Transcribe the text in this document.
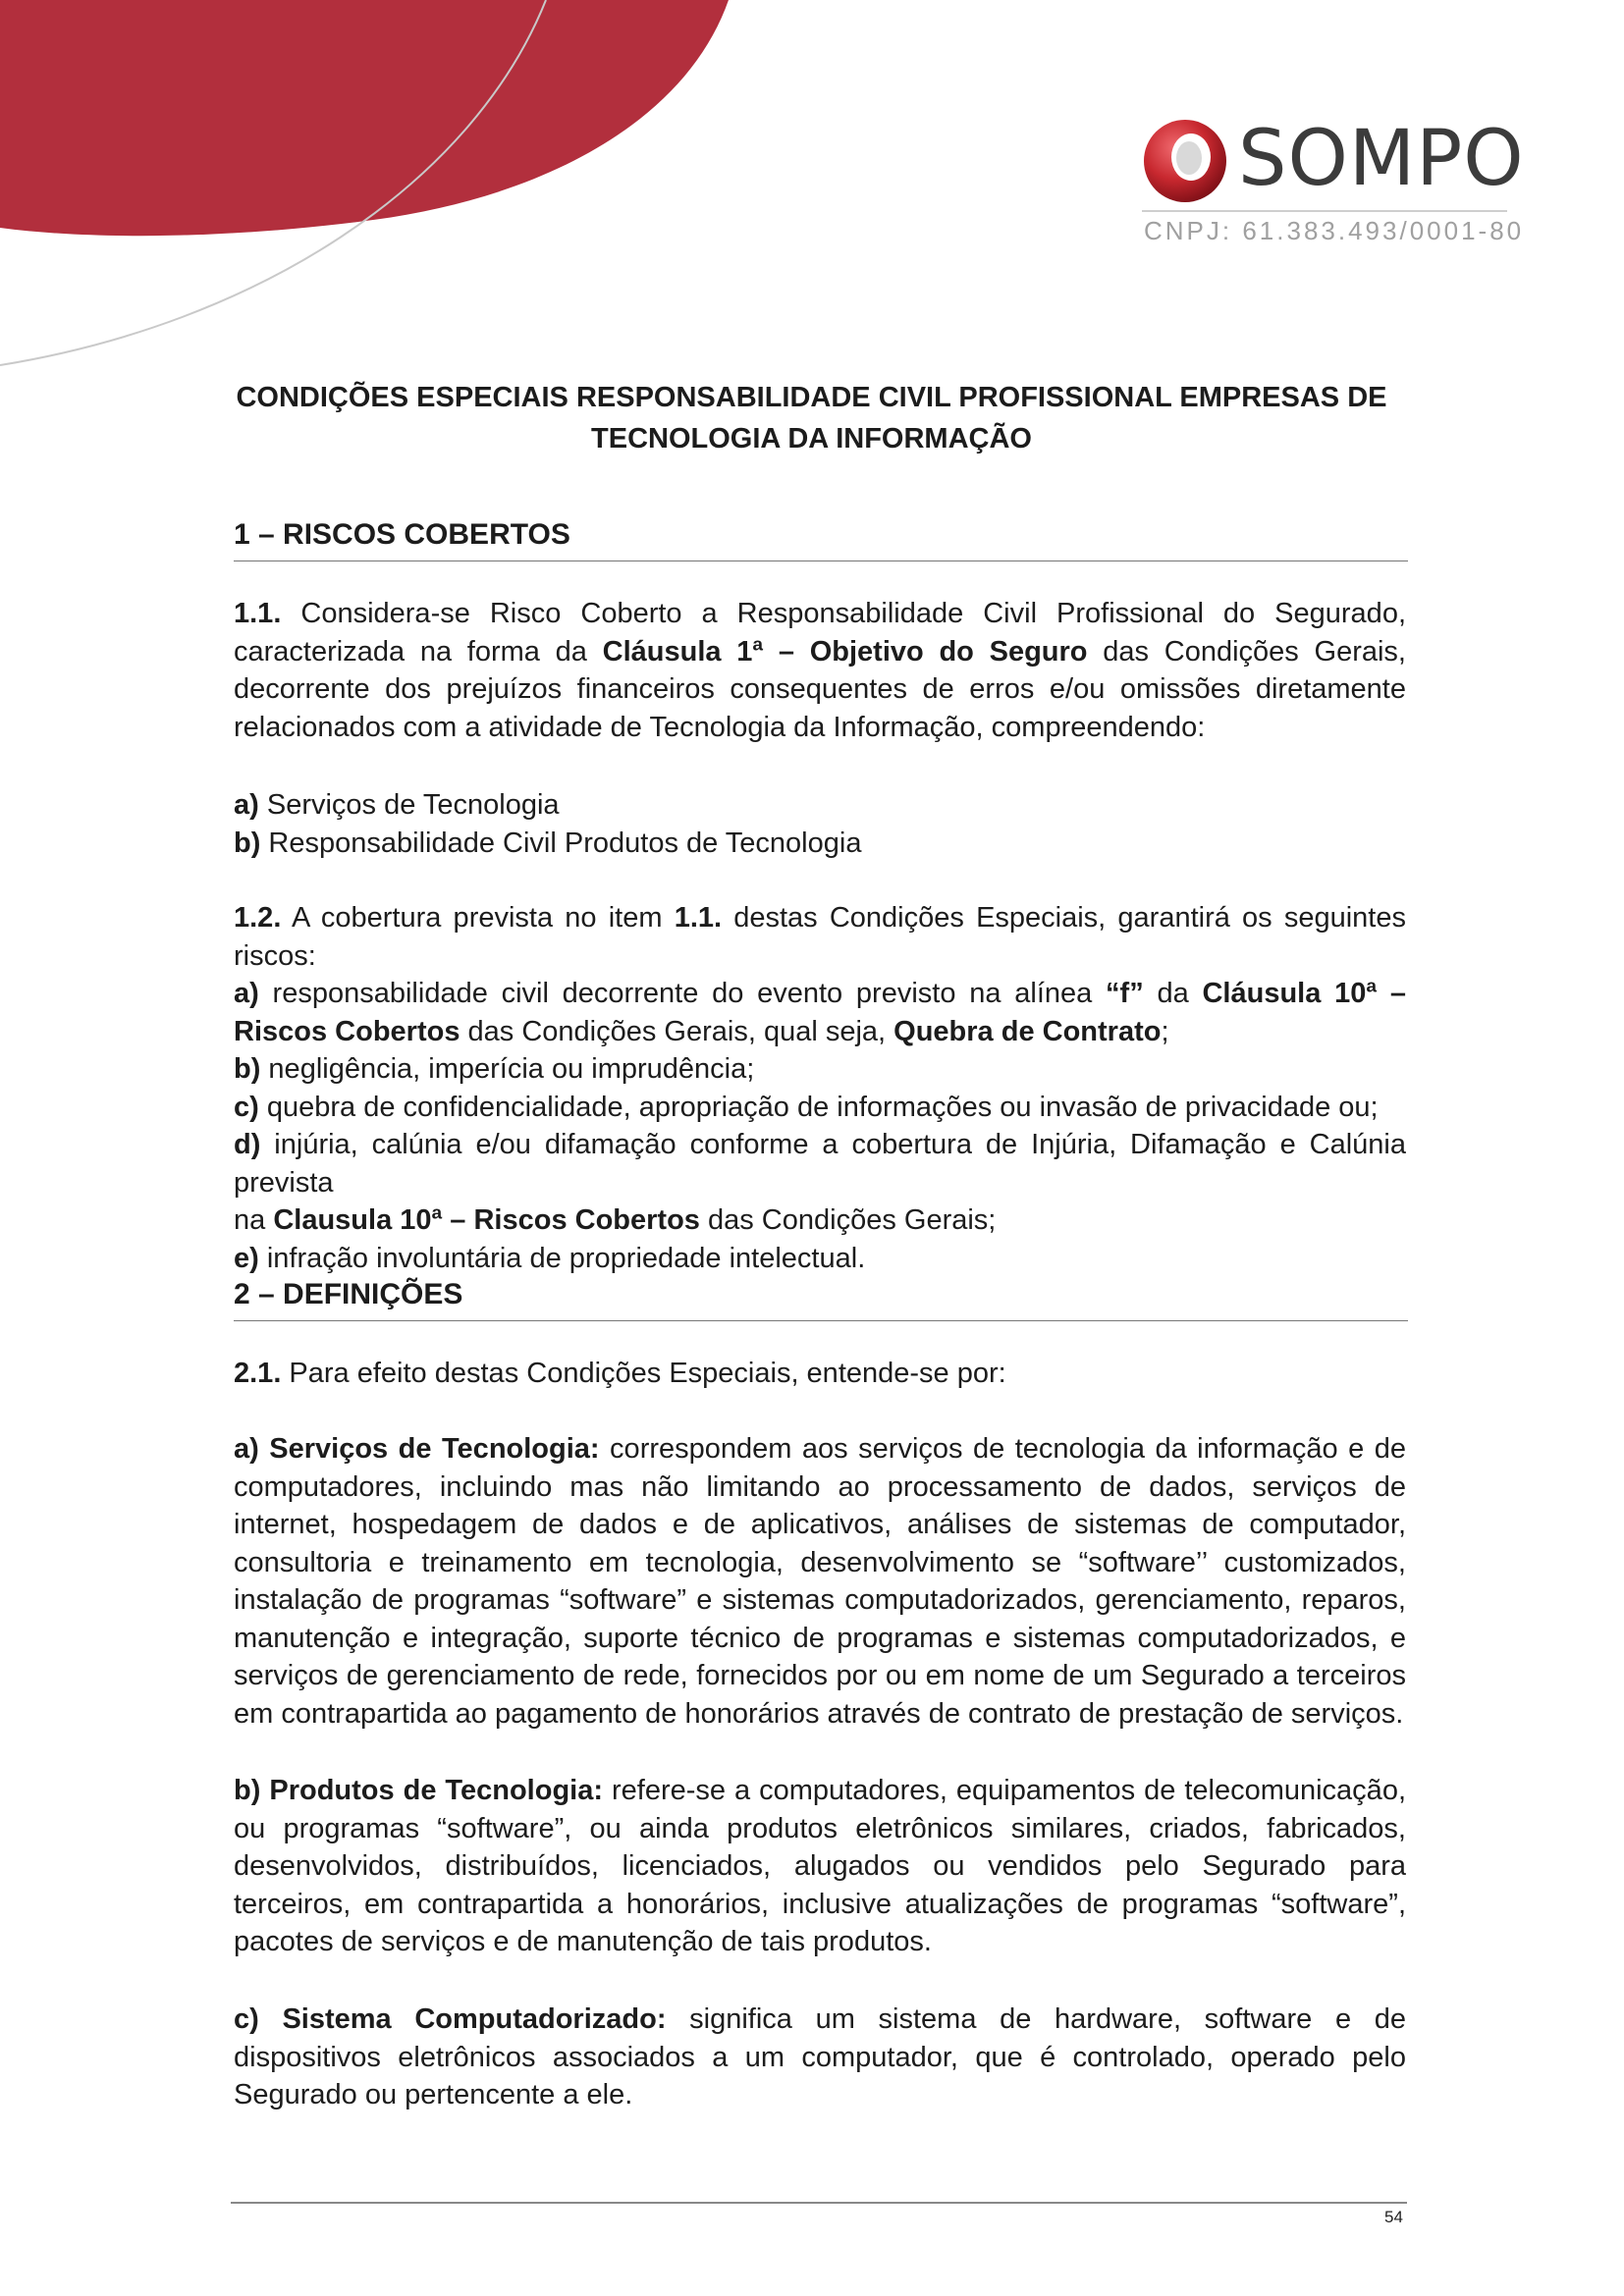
SOMPO
CNPJ: 61.383.493/0001-80
CONDIÇÕES ESPECIAIS RESPONSABILIDADE CIVIL PROFISSIONAL EMPRESAS DE
TECNOLOGIA DA INFORMAÇÃO
1 – RISCOS COBERTOS

1.1. Considera-se Risco Coberto a Responsabilidade Civil Profissional do Segurado, caracterizada na forma da Cláusula 1ª – Objetivo do Seguro das Condições Gerais, decorrente dos prejuízos financeiros consequentes de erros e/ou omissões diretamente relacionados com a atividade de Tecnologia da Informação, compreendendo:

a) Serviços de Tecnologia
b) Responsabilidade Civil Produtos de Tecnologia

1.2. A cobertura prevista no item 1.1. destas Condições Especiais, garantirá os seguintes riscos:

a) responsabilidade civil decorrente do evento previsto na alínea “f” da Cláusula 10ª – Riscos Cobertos das Condições Gerais, qual seja, Quebra de Contrato;
b) negligência, imperícia ou imprudência;
c) quebra de confidencialidade, apropriação de informações ou invasão de privacidade ou;
d) injúria, calúnia e/ou difamação conforme a cobertura de Injúria, Difamação e Calúnia prevista
na Clausula 10ª – Riscos Cobertos das Condições Gerais;
e) infração involuntária de propriedade intelectual.
2 – DEFINIÇÕES

2.1. Para efeito destas Condições Especiais, entende-se por:

a) Serviços de Tecnologia: correspondem aos serviços de tecnologia da informação e de computadores, incluindo mas não limitando ao processamento de dados, serviços de internet, hospedagem de dados e de aplicativos, análises de sistemas de computador, consultoria e treinamento em tecnologia, desenvolvimento se “software’’ customizados, instalação de programas “software” e sistemas computadorizados, gerenciamento, reparos, manutenção e integração, suporte técnico de programas e sistemas computadorizados, e serviços de gerenciamento de rede, fornecidos por ou em nome de um Segurado a terceiros em contrapartida ao pagamento de honorários através de contrato de prestação de serviços.

b) Produtos de Tecnologia: refere-se a computadores, equipamentos de telecomunicação, ou programas “software”, ou ainda produtos eletrônicos similares, criados, fabricados, desenvolvidos, distribuídos, licenciados, alugados ou vendidos pelo Segurado para terceiros, em contrapartida a honorários, inclusive atualizações de programas “software”, pacotes de serviços e de manutenção de tais produtos.

c) Sistema Computadorizado: significa um sistema de hardware, software e de dispositivos eletrônicos associados a um computador, que é controlado, operado pelo Segurado ou pertencente a ele.

54
